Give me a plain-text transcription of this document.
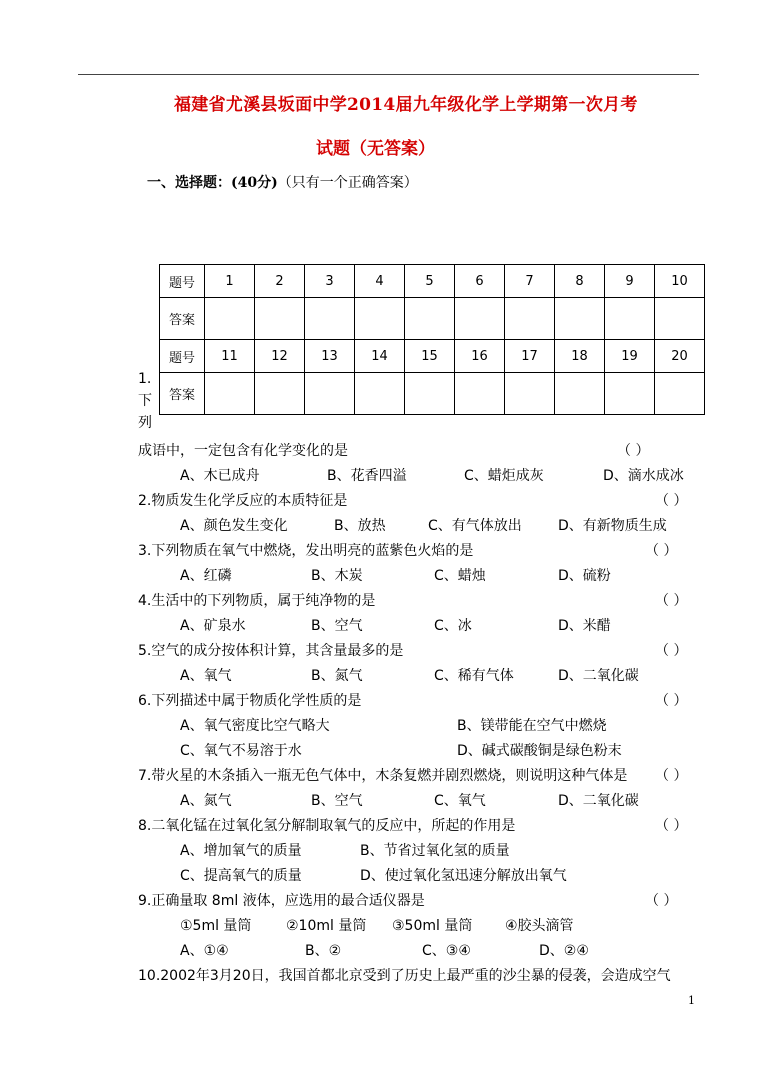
福建省尤溪县坂面中学2014届九年级化学上学期第一次月考
试题（无答案）
一、选择题：(40分)（只有一个正确答案）
题号	1	2	3	4	5	6	7	8	9	10
答案										
题号	11	12	13	14	15	16	17	18	19	20
答案										
1.
下
列
成语中，一定包含有化学变化的是	（ ）
A、木已成舟	B、花香四溢	C、蜡炬成灰	D、滴水成冰
2.物质发生化学反应的本质特征是	（ ）
A、颜色发生变化	B、放热	C、有气体放出	D、有新物质生成
3.下列物质在氧气中燃烧，发出明亮的蓝紫色火焰的是	（ ）
A、红磷	B、木炭	C、蜡烛	D、硫粉
4.生活中的下列物质，属于纯净物的是	（ ）
A、矿泉水	B、空气	C、冰	D、米醋
5.空气的成分按体积计算，其含量最多的是	（ ）
A、氧气	B、氮气	C、稀有气体	D、二氧化碳
6.下列描述中属于物质化学性质的是	（ ）
A、氧气密度比空气略大	B、镁带能在空气中燃烧
C、氧气不易溶于水	D、碱式碳酸铜是绿色粉末
7.带火星的木条插入一瓶无色气体中，木条复燃并剧烈燃烧，则说明这种气体是 （ ）
A、氮气	B、空气	C、氧气	D、二氧化碳
8.二氧化锰在过氧化氢分解制取氧气的反应中，所起的作用是	（ ）
A、增加氧气的质量	B、节省过氧化氢的质量
C、提高氧气的质量	D、使过氧化氢迅速分解放出氧气
9.正确量取 8ml 液体，应选用的最合适仪器是	（ ）
①5ml 量筒 ②10ml 量筒 ③50ml 量筒 ④胶头滴管
A、①④	B、②	C、③④	D、②④
10.2002年3月20日，我国首都北京受到了历史上最严重的沙尘暴的侵袭，会造成空气
1
